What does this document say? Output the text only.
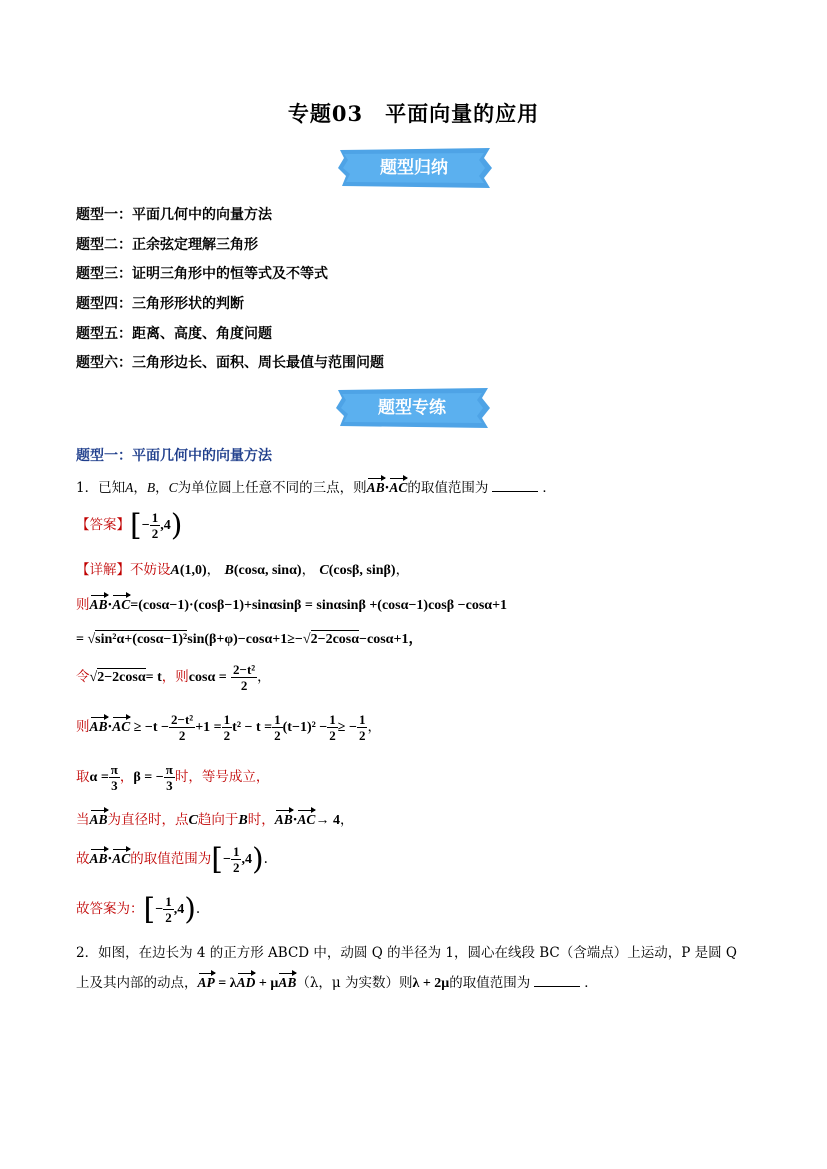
专题03　平面向量的应用
题型归纳
题型一：平面几何中的向量方法
题型二：正余弦定理解三角形
题型三：证明三角形中的恒等式及不等式
题型四：三角形形状的判断
题型五：距离、高度、角度问题
题型六：三角形边长、面积、周长最值与范围问题
题型专练
题型一：平面几何中的向量方法
1．已知A，B，C为单位圆上任意不同的三点，则AB·AC的取值范围为	．
【答案】[− $\frac{1}{2} ,4$)
【详解】不妨设A(1,0)， B(cosα, sinα)， C(cosβ, sinβ)，
则AB·AC=(cosα−1)·(cosβ−1)+sinαsinβ = sinαsinβ +(cosα−1)cosβ −cosα+1
= √sin²α+(cosα−1)²sin(β+φ)−cosα+1≥−√2−2cosα−cosα+1，
令√2−2cosα= t，则$\cos\alpha = \frac{\text{2−t²}}{2}$ ，
则$AB\cdot AC \ge -t - \frac{\text{2−t²}}{2} +1 = \frac{1}{2} t^2 - t = \frac{1}{2} (t-1)^2 - \frac{1}{2}$ ≥ − $\frac{1}{2}$ ，
取$\alpha = \frac{\pi}{3}$ ，β = − $\frac{\pi}{3}$ 时，等号成立，
当AB为直径时，点C趋向于B时，AB·AC→ 4，
故AB·AC的取值范围为[− $\frac{1}{2} ,4$).
故答案为：[− $\frac{1}{2} ,4$).
2．如图，在边长为 4 的正方形 ABCD 中，动圆 Q 的半径为 1，圆心在线段 BC（含端点）上运动，P 是圆 Q
上及其内部的动点，AP = λAD + μAB（λ，μ 为实数）则λ + 2μ的取值范围为	．
